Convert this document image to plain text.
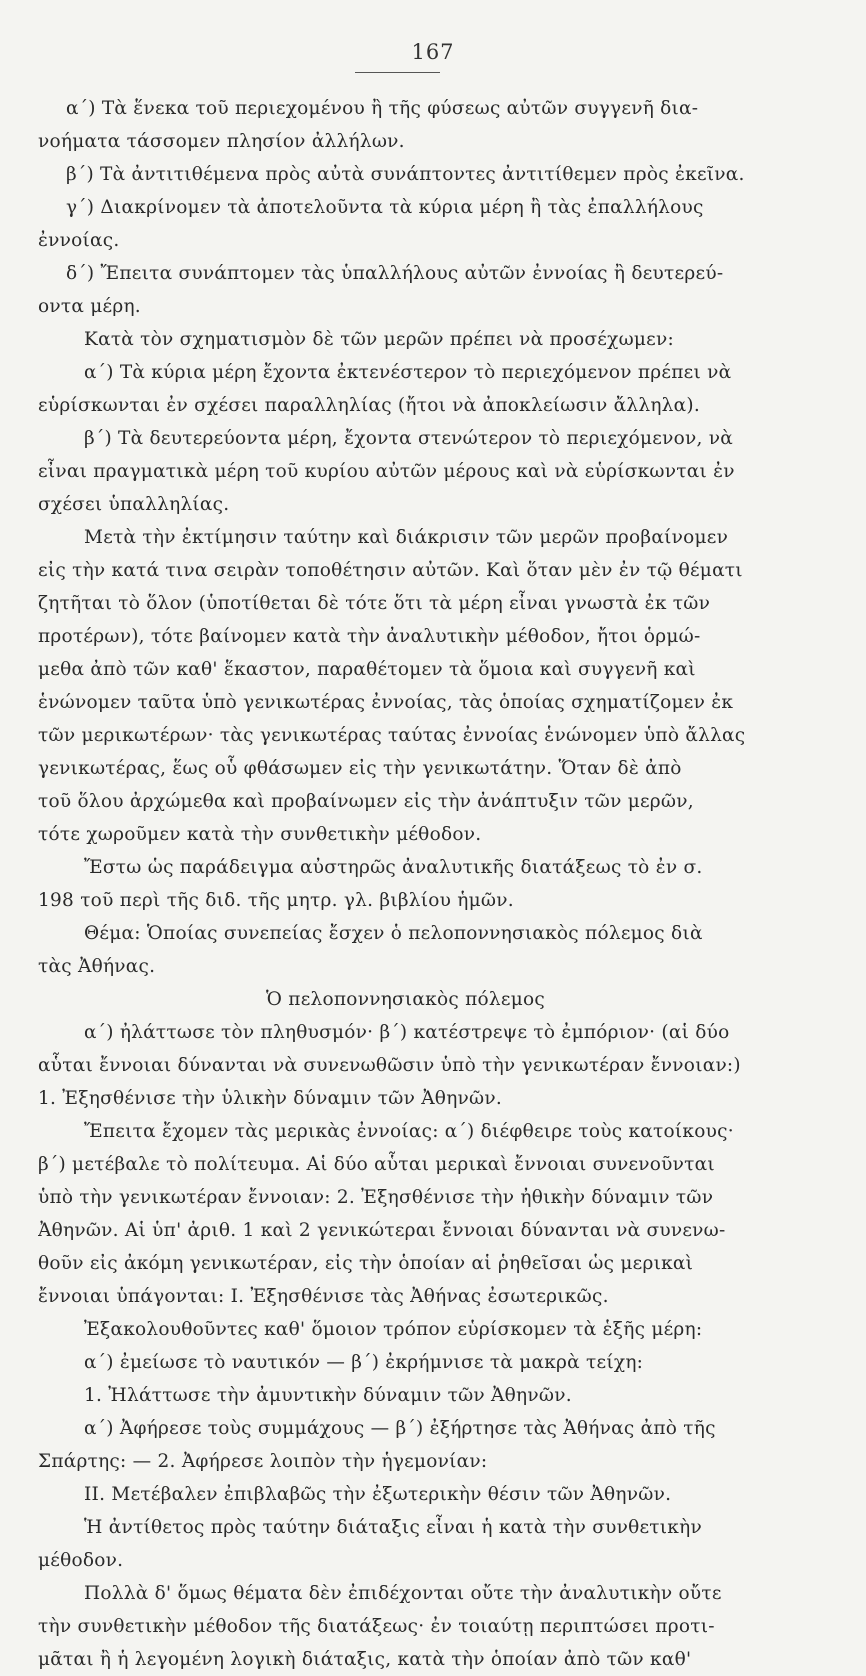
167
α΄) Τὰ ἕνεκα τοῦ περιεχομένου ἢ τῆς φύσεως αὐτῶν συγγενῆ δια-
νοήματα τάσσομεν πλησίον ἀλλήλων.
β΄) Τὰ ἀντιτιθέμενα πρὸς αὐτὰ συνάπτοντες ἀντιτίθεμεν πρὸς ἐκεῖνα.
γ΄) Διακρίνομεν τὰ ἀποτελοῦντα τὰ κύρια μέρη ἢ τὰς ἐπαλλήλους
ἐννοίας.
δ΄) Ἔπειτα συνάπτομεν τὰς ὑπαλλήλους αὐτῶν ἐννοίας ἢ δευτερεύ-
οντα μέρη.
Κατὰ τὸν σχηματισμὸν δὲ τῶν μερῶν πρέπει νὰ προσέχωμεν:
α΄) Τὰ κύρια μέρη ἔχοντα ἐκτενέστερον τὸ περιεχόμενον πρέπει νὰ
εὑρίσκωνται ἐν σχέσει παραλληλίας (ἤτοι νὰ ἀποκλείωσιν ἄλληλα).
β΄) Τὰ δευτερεύοντα μέρη, ἔχοντα στενώτερον τὸ περιεχόμενον, νὰ
εἶναι πραγματικὰ μέρη τοῦ κυρίου αὐτῶν μέρους καὶ νὰ εὑρίσκωνται ἐν
σχέσει ὑπαλληλίας.
Μετὰ τὴν ἐκτίμησιν ταύτην καὶ διάκρισιν τῶν μερῶν προβαίνομεν
εἰς τὴν κατά τινα σειρὰν τοποθέτησιν αὐτῶν. Καὶ ὅταν μὲν ἐν τῷ θέματι
ζητῆται τὸ ὅλον (ὑποτίθεται δὲ τότε ὅτι τὰ μέρη εἶναι γνωστὰ ἐκ τῶν
προτέρων), τότε βαίνομεν κατὰ τὴν ἀναλυτικὴν μέθοδον, ἤτοι ὁρμώ-
μεθα ἀπὸ τῶν καθ' ἕκαστον, παραθέτομεν τὰ ὅμοια καὶ συγγενῆ καὶ
ἑνώνομεν ταῦτα ὑπὸ γενικωτέρας ἐννοίας, τὰς ὁποίας σχηματίζομεν ἐκ
τῶν μερικωτέρων· τὰς γενικωτέρας ταύτας ἐννοίας ἑνώνομεν ὑπὸ ἄλλας
γενικωτέρας, ἕως οὗ φθάσωμεν εἰς τὴν γενικωτάτην. Ὅταν δὲ ἀπὸ
τοῦ ὅλου ἀρχώμεθα καὶ προβαίνωμεν εἰς τὴν ἀνάπτυξιν τῶν μερῶν,
τότε χωροῦμεν κατὰ τὴν συνθετικὴν μέθοδον.
Ἔστω ὡς παράδειγμα αὐστηρῶς ἀναλυτικῆς διατάξεως τὸ ἐν σ.
198 τοῦ περὶ τῆς διδ. τῆς μητρ. γλ. βιβλίου ἡμῶν.
Θέμα: Ὁποίας συνεπείας ἔσχεν ὁ πελοποννησιακὸς πόλεμος διὰ
τὰς Ἀθήνας.
Ὁ πελοποννησιακὸς πόλεμος
α΄) ἠλάττωσε τὸν πληθυσμόν· β΄) κατέστρεψε τὸ ἐμπόριον· (αἱ δύο
αὗται ἔννοιαι δύνανται νὰ συνενωθῶσιν ὑπὸ τὴν γενικωτέραν ἔννοιαν:)
1. Ἐξησθένισε τὴν ὑλικὴν δύναμιν τῶν Ἀθηνῶν.
Ἔπειτα ἔχομεν τὰς μερικὰς ἐννοίας: α΄) διέφθειρε τοὺς κατοίκους·
β΄) μετέβαλε τὸ πολίτευμα. Αἱ δύο αὗται μερικαὶ ἔννοιαι συνενοῦνται
ὑπὸ τὴν γενικωτέραν ἔννοιαν: 2. Ἐξησθένισε τὴν ἠθικὴν δύναμιν τῶν
Ἀθηνῶν. Αἱ ὑπ' ἀριθ. 1 καὶ 2 γενικώτεραι ἔννοιαι δύνανται νὰ συνενω-
θοῦν εἰς ἀκόμη γενικωτέραν, εἰς τὴν ὁποίαν αἱ ῥηθεῖσαι ὡς μερικαὶ
ἔννοιαι ὑπάγονται: I. Ἐξησθένισε τὰς Ἀθήνας ἐσωτερικῶς.
Ἐξακολουθοῦντες καθ' ὅμοιον τρόπον εὑρίσκομεν τὰ ἑξῆς μέρη:
α΄) ἐμείωσε τὸ ναυτικόν — β΄) ἐκρήμνισε τὰ μακρὰ τείχη:
1. Ἠλάττωσε τὴν ἀμυντικὴν δύναμιν τῶν Ἀθηνῶν.
α΄) Ἀφήρεσε τοὺς συμμάχους — β΄) ἐξήρτησε τὰς Ἀθήνας ἀπὸ τῆς
Σπάρτης: — 2. Ἀφήρεσε λοιπὸν τὴν ἡγεμονίαν:
II. Μετέβαλεν ἐπιβλαβῶς τὴν ἐξωτερικὴν θέσιν τῶν Ἀθηνῶν.
Ἡ ἀντίθετος πρὸς ταύτην διάταξις εἶναι ἡ κατὰ τὴν συνθετικὴν
μέθοδον.
Πολλὰ δ' ὅμως θέματα δὲν ἐπιδέχονται οὔτε τὴν ἀναλυτικὴν οὔτε
τὴν συνθετικὴν μέθοδον τῆς διατάξεως· ἐν τοιαύτῃ περιπτώσει προτι-
μᾶται ἢ ἡ λεγομένη λογικὴ διάταξις, κατὰ τὴν ὁποίαν ἀπὸ τῶν καθ'
